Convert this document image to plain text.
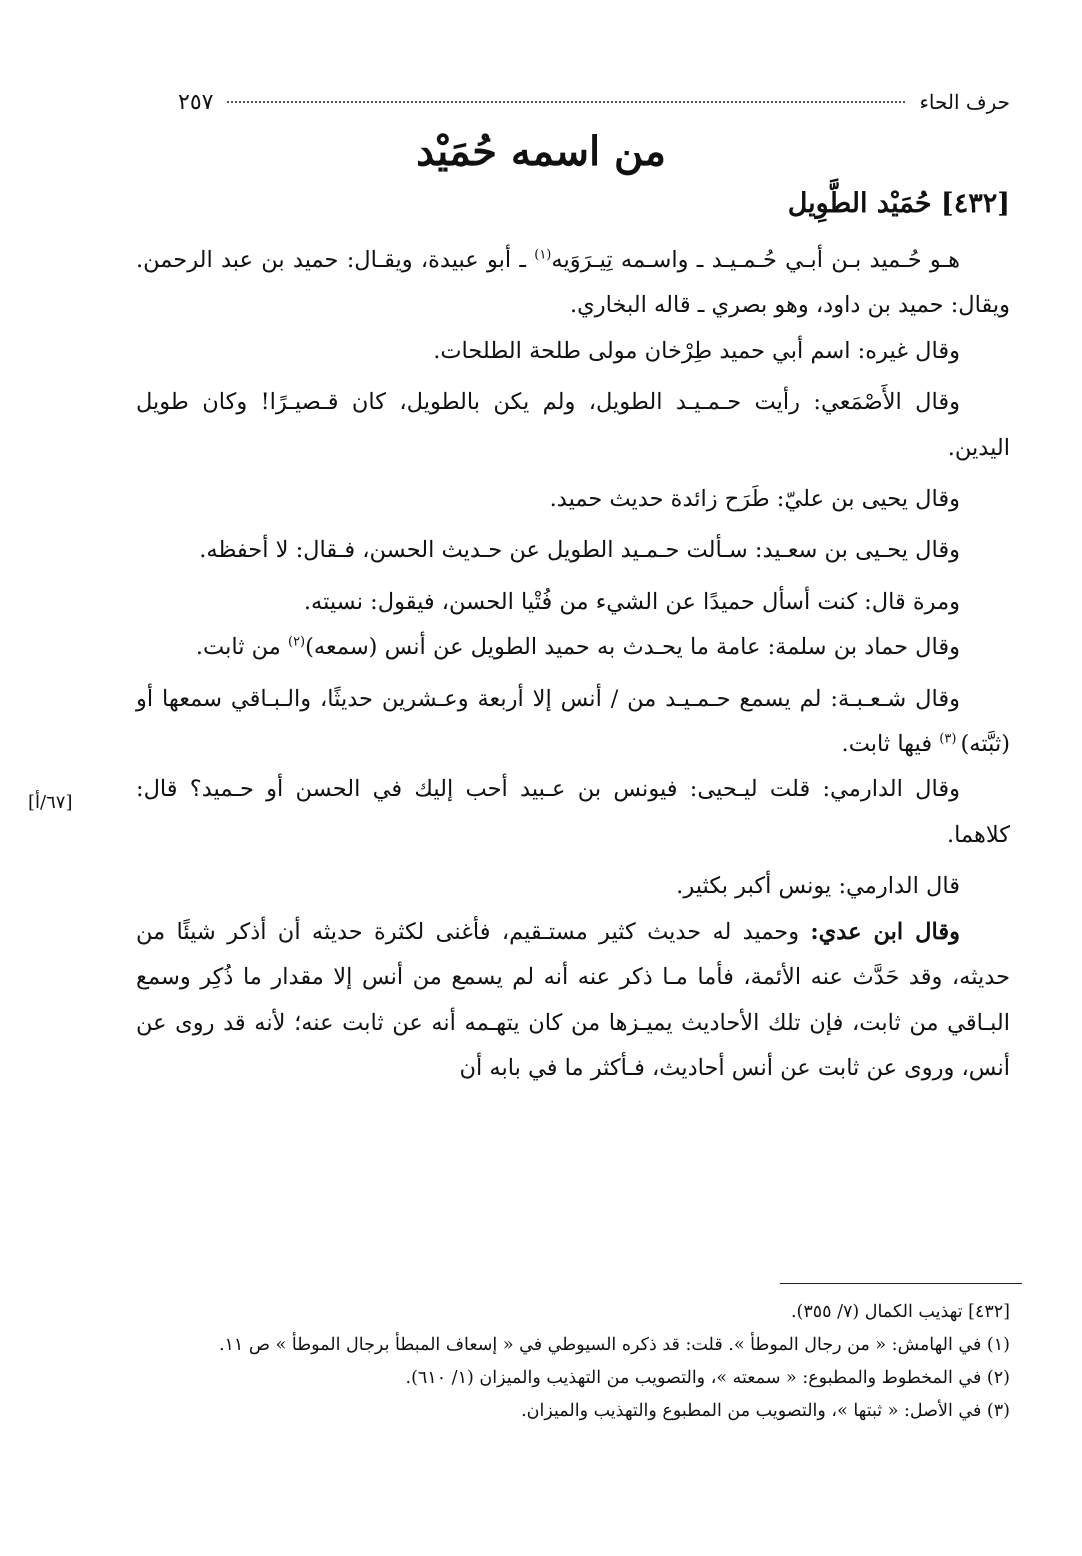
حرف الحاء
٢٥٧
من اسمه حُمَيْد
[٤٣٢] حُمَيْد الطَّوِيل

هـو حُـميد بـن أبـي حُـمـيـد ـ واسـمه تِيـرَوَيه$^{(١)}$ ـ أبو عبيدة، ويقـال: حميد بن عبد الرحمن. ويقال: حميد بن داود، وهو بصري ـ قاله البخاري.

وقال غيره: اسم أبي حميد طِرْخان مولى طلحة الطلحات.

وقال الأَصْمَعي: رأيت حـمـيـد الطويل، ولم يكن بالطويل، كان قـصيـرًا! وكان طويل اليدين.

وقال يحيى بن عليّ: طَرَح زائدة حديث حميد.

وقال يحـيى بن سعـيد: سـألت حـمـيد الطويل عن حـديث الحسن، فـقال: لا أحفظه.

ومرة قال: كنت أسأل حميدًا عن الشيء من فُتْيا الحسن، فيقول: نسيته.

وقال حماد بن سلمة: عامة ما يحـدث به حميد الطويل عن أنس (سمعه)$^{(٢)}$ من ثابت.

وقال شـعـبـة: لم يسمع حـمـيـد من / أنس إلا أربعة وعـشرين حديثًا، والـبـاقي سمعها أو (ثبَّته) $^{(٣)}$ فيها ثابت.

وقال الدارمي: قلت ليـحيى: فيونس بن عـبيد أحب إليك في الحسن أو حـميد؟ قال: كلاهما.

قال الدارمي: يونس أكبر بكثير.

وقال ابن عدي: وحميد له حديث كثير مستـقيم، فأغنى لكثرة حديثه أن أذكر شيئًا من حديثه، وقد حَدَّث عنه الأئمة، فأما مـا ذكر عنه أنه لم يسمع من أنس إلا مقدار ما ذُكِر وسمع البـاقي من ثابت، فإن تلك الأحاديث يميـزها من كان يتهـمه أنه عن ثابت عنه؛ لأنه قد روى عن أنس، وروى عن ثابت عن أنس أحاديث، فـأكثر ما في بابه أن

[٦٧/أ]

[٤٣٢] تهذيب الكمال (٧/ ٣٥٥).

(١) في الهامش: « من رجال الموطأ ». قلت: قد ذكره السيوطي في « إسعاف المبطأ برجال الموطأ » ص ١١.

(٢) في المخطوط والمطبوع: « سمعته »، والتصويب من التهذيب والميزان (١/ ٦١٠).

(٣) في الأصل: « ثبتها »، والتصويب من المطبوع والتهذيب والميزان.
